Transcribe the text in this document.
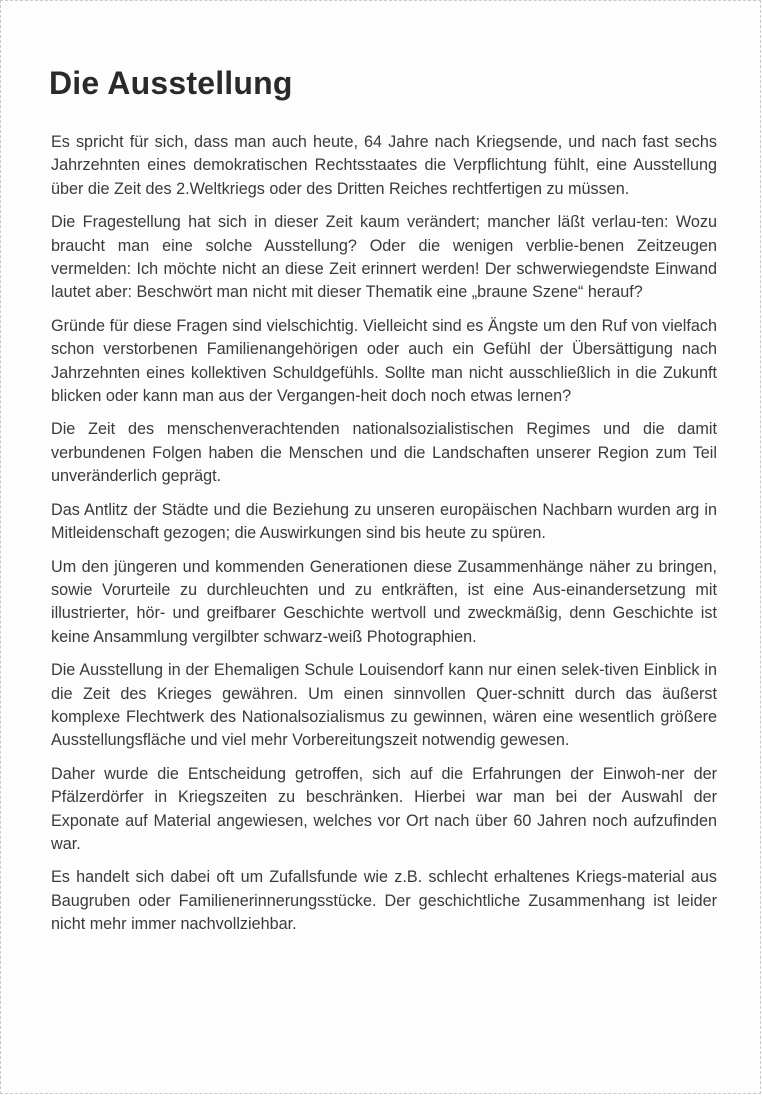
Die Ausstellung

Es spricht für sich, dass man auch heute, 64 Jahre nach Kriegsende, und nach fast sechs Jahrzehnten eines demokratischen Rechtsstaates die Verpflichtung fühlt, eine Ausstellung über die Zeit des 2.Weltkriegs oder des Dritten Reiches rechtfertigen zu müssen.

Die Fragestellung hat sich in dieser Zeit kaum verändert; mancher läßt verlau-ten: Wozu braucht man eine solche Ausstellung? Oder die wenigen verblie-benen Zeitzeugen vermelden: Ich möchte nicht an diese Zeit erinnert werden! Der schwerwiegendste Einwand lautet aber: Beschwört man nicht mit dieser Thematik eine „braune Szene“ herauf?

Gründe für diese Fragen sind vielschichtig. Vielleicht sind es Ängste um den Ruf von vielfach schon verstorbenen Familienangehörigen oder auch ein Gefühl der Übersättigung nach Jahrzehnten eines kollektiven Schuldgefühls. Sollte man nicht ausschließlich in die Zukunft blicken oder kann man aus der Vergangen-heit doch noch etwas lernen?

Die Zeit des menschenverachtenden nationalsozialistischen Regimes und die damit verbundenen Folgen haben die Menschen und die Landschaften unserer Region zum Teil unveränderlich geprägt.

Das Antlitz der Städte und die Beziehung zu unseren europäischen Nachbarn wurden arg in Mitleidenschaft gezogen; die Auswirkungen sind bis heute zu spüren.

Um den jüngeren und kommenden Generationen diese Zusammenhänge näher zu bringen, sowie Vorurteile zu durchleuchten und zu entkräften, ist eine Aus-einandersetzung mit illustrierter, hör- und greifbarer Geschichte wertvoll und zweckmäßig, denn Geschichte ist keine Ansammlung vergilbter schwarz-weiß Photographien.

Die Ausstellung in der Ehemaligen Schule Louisendorf kann nur einen selek-tiven Einblick in die Zeit des Krieges gewähren. Um einen sinnvollen Quer-schnitt durch das äußerst komplexe Flechtwerk des Nationalsozialismus zu gewinnen, wären eine wesentlich größere Ausstellungsfläche und viel mehr Vorbereitungszeit notwendig gewesen.

Daher wurde die Entscheidung getroffen, sich auf die Erfahrungen der Einwoh-ner der Pfälzerdörfer in Kriegszeiten zu beschränken. Hierbei war man bei der Auswahl der Exponate auf Material angewiesen, welches vor Ort nach über 60 Jahren noch aufzufinden war.

Es handelt sich dabei oft um Zufallsfunde wie z.B. schlecht erhaltenes Kriegs-material aus Baugruben oder Familienerinnerungsstücke. Der geschichtliche Zusammenhang ist leider nicht mehr immer nachvollziehbar.
